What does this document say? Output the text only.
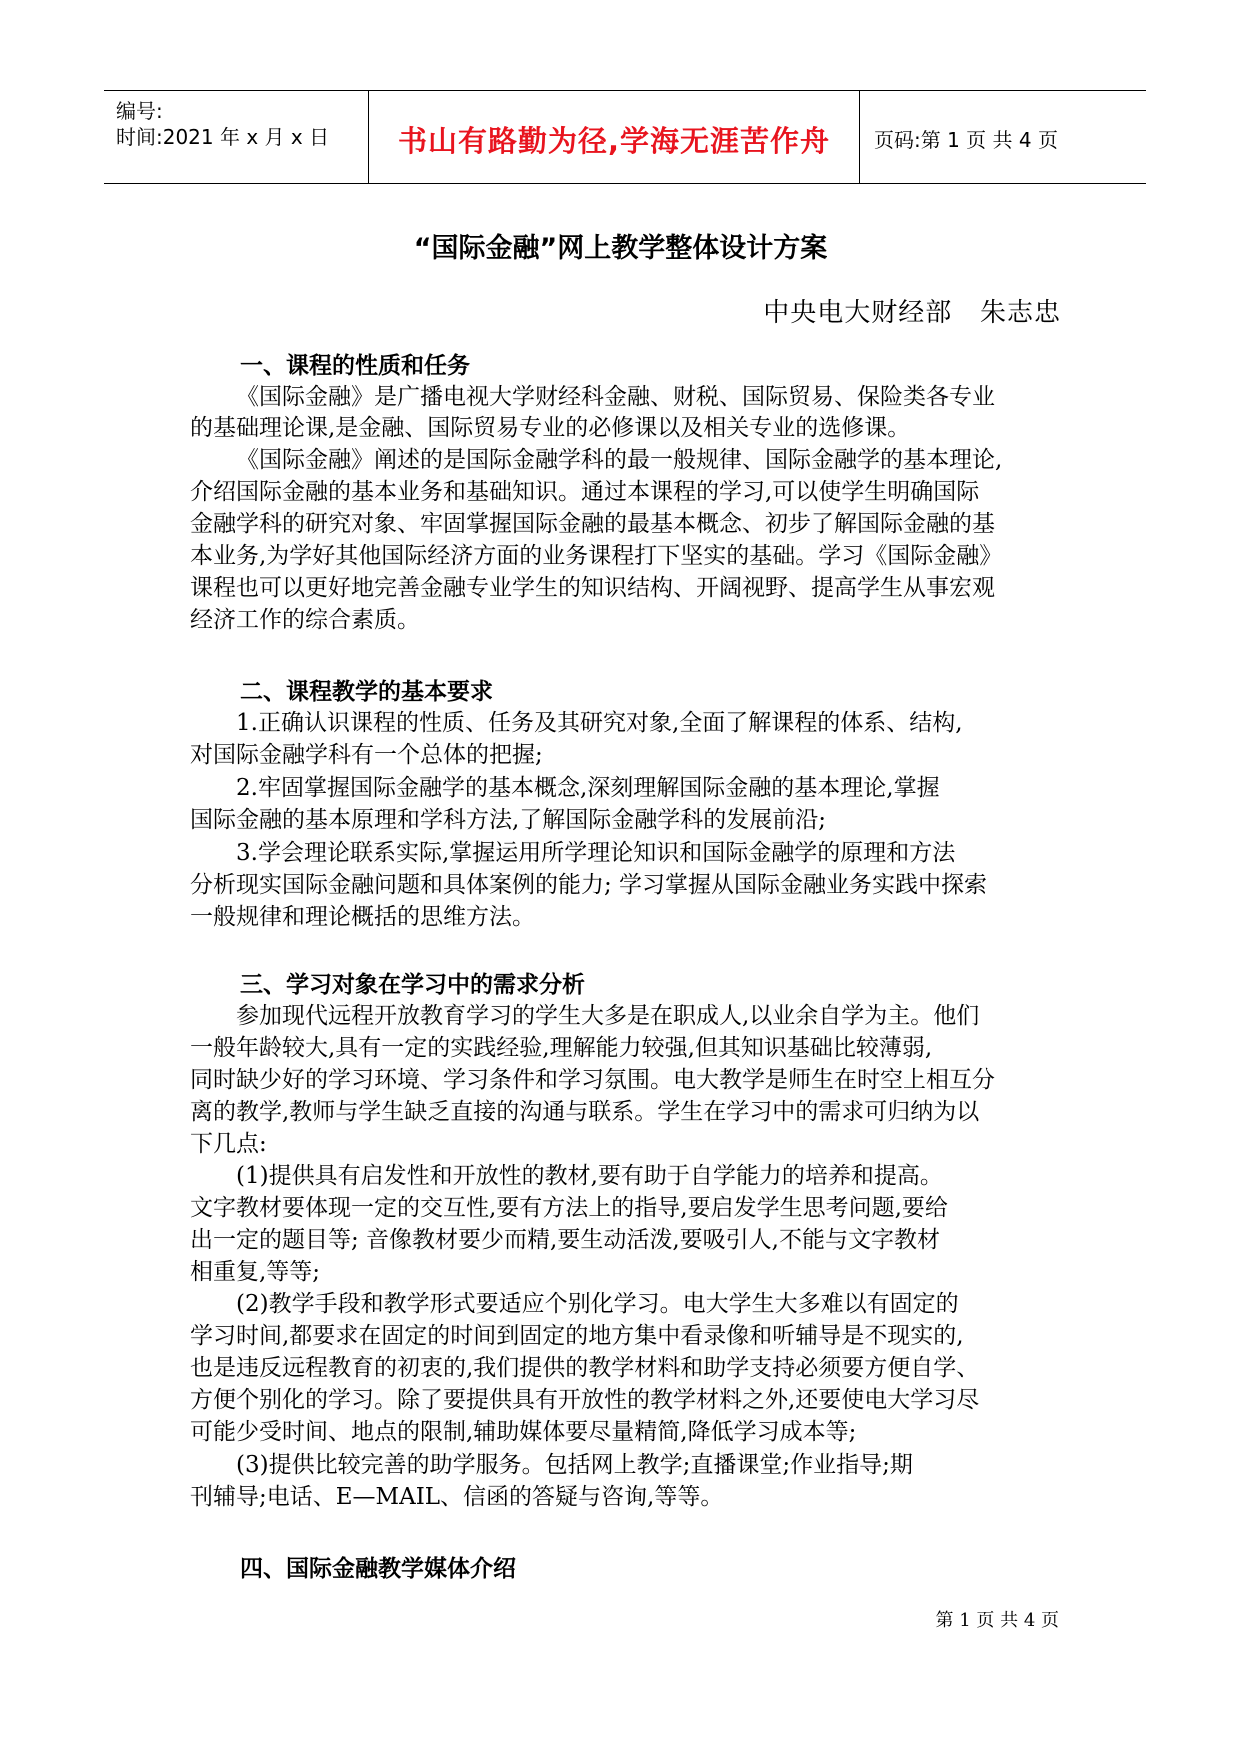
编号:
时间:2021 年 x 月 x 日	书山有路勤为径,学海无涯苦作舟	页码:第 1 页 共 4 页
“国际金融”网上教学整体设计方案
中央电大财经部   朱志忠
一、课程的性质和任务
《国际金融》是广播电视大学财经科金融、财税、国际贸易、保险类各专业
的基础理论课,是金融、国际贸易专业的必修课以及相关专业的选修课。
《国际金融》阐述的是国际金融学科的最一般规律、国际金融学的基本理论,
介绍国际金融的基本业务和基础知识。通过本课程的学习,可以使学生明确国际
金融学科的研究对象、牢固掌握国际金融的最基本概念、初步了解国际金融的基
本业务,为学好其他国际经济方面的业务课程打下坚实的基础。学习《国际金融》
课程也可以更好地完善金融专业学生的知识结构、开阔视野、提高学生从事宏观
经济工作的综合素质。
二、课程教学的基本要求
1.正确认识课程的性质、任务及其研究对象,全面了解课程的体系、结构,
对国际金融学科有一个总体的把握;
2.牢固掌握国际金融学的基本概念,深刻理解国际金融的基本理论,掌握
国际金融的基本原理和学科方法,了解国际金融学科的发展前沿;
3.学会理论联系实际,掌握运用所学理论知识和国际金融学的原理和方法
分析现实国际金融问题和具体案例的能力; 学习掌握从国际金融业务实践中探索
一般规律和理论概括的思维方法。
三、学习对象在学习中的需求分析
参加现代远程开放教育学习的学生大多是在职成人,以业余自学为主。他们
一般年龄较大,具有一定的实践经验,理解能力较强,但其知识基础比较薄弱,
同时缺少好的学习环境、学习条件和学习氛围。电大教学是师生在时空上相互分
离的教学,教师与学生缺乏直接的沟通与联系。学生在学习中的需求可归纳为以
下几点:
(1)提供具有启发性和开放性的教材,要有助于自学能力的培养和提高。
文字教材要体现一定的交互性,要有方法上的指导,要启发学生思考问题,要给
出一定的题目等; 音像教材要少而精,要生动活泼,要吸引人,不能与文字教材
相重复,等等;
(2)教学手段和教学形式要适应个别化学习。电大学生大多难以有固定的
学习时间,都要求在固定的时间到固定的地方集中看录像和听辅导是不现实的,
也是违反远程教育的初衷的,我们提供的教学材料和助学支持必须要方便自学、
方便个别化的学习。除了要提供具有开放性的教学材料之外,还要使电大学习尽
可能少受时间、地点的限制,辅助媒体要尽量精简,降低学习成本等;
(3)提供比较完善的助学服务。包括网上教学;直播课堂;作业指导;期
刊辅导;电话、E—MAIL、信函的答疑与咨询,等等。
四、国际金融教学媒体介绍
第 1 页 共 4 页
